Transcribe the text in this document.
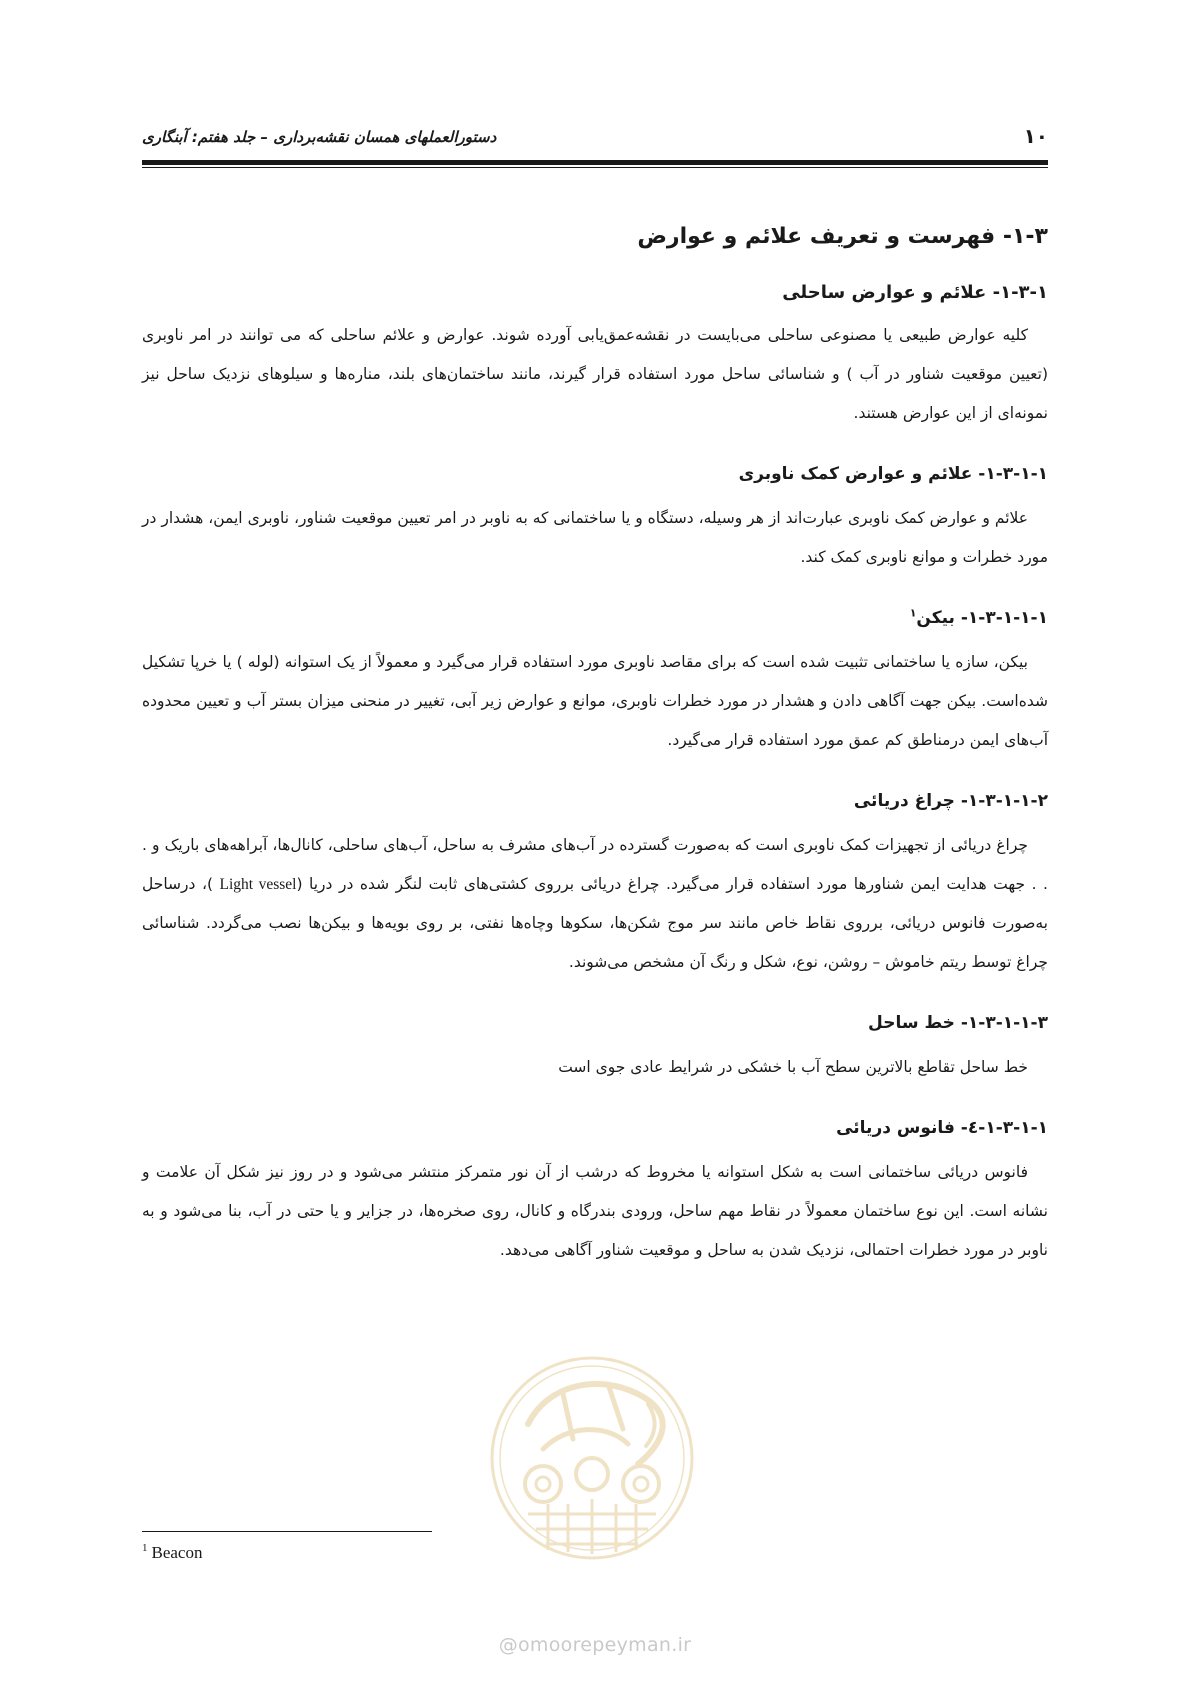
۱۰
دستورالعملهای همسان نقشه‌برداری – جلد هفتم: آبنگاری
۱-۳- فهرست و تعریف علائم و عوارض
۱-۳-۱- علائم و عوارض ساحلی

کلیه عوارض طبیعی یا مصنوعی ساحلی می‌بایست در نقشه‌عمق‌یابی آورده شوند. عوارض و علائم ساحلی که می توانند در امر ناوبری (تعیین موقعیت شناور در آب ) و شناسائی ساحل مورد استفاده قرار گیرند، مانند ساختمان‌های بلند، منار‌ه‌ها و سیلوهای نزدیک ساحل نیز نمونه‌ای از این عوارض هستند.

۱-۳-۱-۱- علائم و عوارض کمک ناوبری

علائم و عوارض کمک ناوبری عبارت‌اند از هر وسیله، دستگاه و یا ساختمانی که به ناوبر در امر تعیین موقعیت شناور، ناوبری ایمن، هشدار در مورد خطرات و موانع ناوبری کمک کند.

۱-۳-۱-۱-۱- بیکن$^۱$

بیکن، سازه یا ساختمانی تثبیت شده است که برای مقاصد ناوبری مورد استفاده قرار می‌گیرد و معمولاً از یک استوانه (لوله ) یا خرپا تشکیل شده‌است. بیکن جهت آگاهی دادن و هشدار در مورد خطرات ناوبری، موانع و عوارض زیر آبی، تغییر در منحنی میزان بستر آب و تعیین محدوده آب‌های ایمن درمناطق کم عمق مورد استفاده قرار می‌گیرد.

۱-۳-۱-۱-۲- چراغ دریائی

چراغ دریائی از تجهیزات کمک ناوبری است که به‌صورت گسترده در آب‌های مشرف به ساحل، آب‌های ساحلی، کانال‌ها، آبراهه‌های باریک و . . . جهت هدایت ایمن شناورها مورد استفاده قرار می‌گیرد. چراغ دریائی برروی کشتی‌های ثابت لنگر شده در دریا (Light vessel )، درساحل به‌صورت فانوس دریائی، برروی نقاط خاص مانند سر موج شکن‌ها، سکوها وچاه‌ها نفتی، بر روی بویه‌ها و بیکن‌ها نصب می‌گردد. شناسائی چراغ توسط ریتم خاموش – روشن، نوع، شکل و رنگ آن مشخص می‌شوند.

۱-۳-۱-۱-۳- خط ساحل

خط ساحل تقاطع بالاترین سطح آب با خشکی در شرایط عادی جوی است

۱-۳-۱-۱-٤- فانوس دریائی

فانوس دریائی ساختمانی است به شکل استوانه یا مخروط که درشب از آن نور متمرکز منتشر می‌شود و در روز نیز شکل آن علامت و نشانه است. این نوع ساختمان معمولاً در نقاط مهم ساحل، ورودی بندرگاه و کانال، روی صخره‌ها، در جزایر و یا حتی در آب، بنا می‌شود و به ناوبر در مورد خطرات احتمالی، نزدیک شدن به ساحل و موقعیت شناور آگاهی می‌دهد.

@omoorepeyman.ir
$^1$ Beacon
